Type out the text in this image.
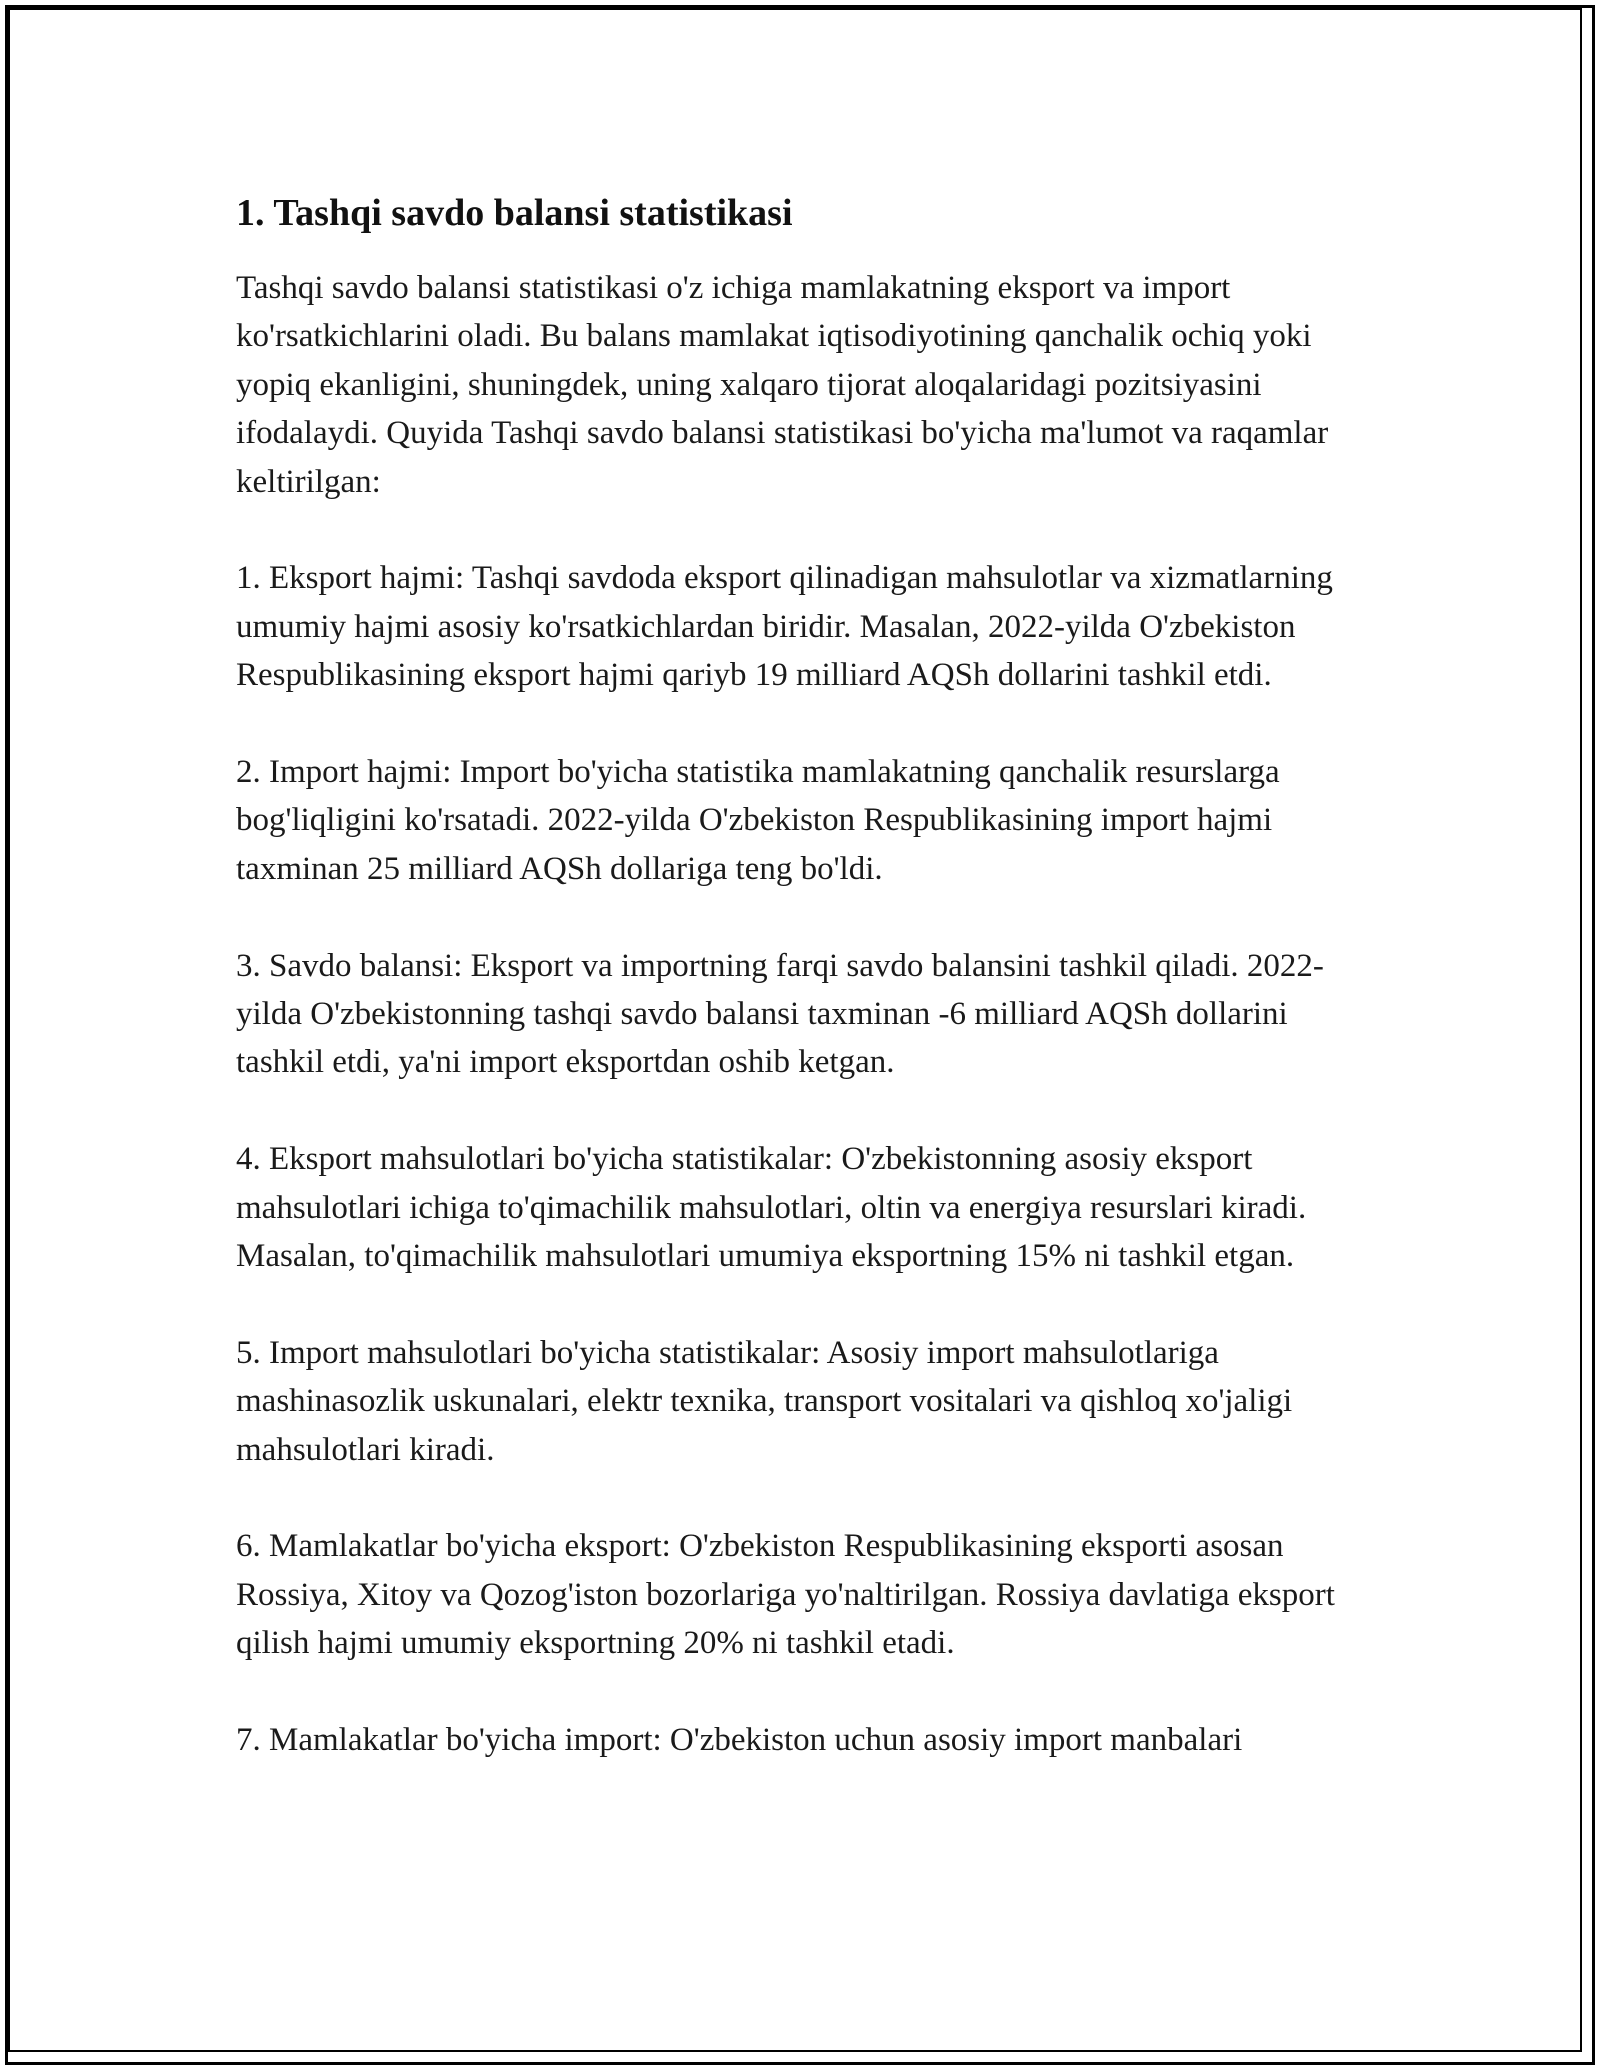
1. Tashqi savdo balansi statistikasi

Tashqi savdo balansi statistikasi o'z ichiga mamlakatning eksport va import ko'rsatkichlarini oladi. Bu balans mamlakat iqtisodiyotining qanchalik ochiq yoki yopiq ekanligini, shuningdek, uning xalqaro tijorat aloqalaridagi pozitsiyasini ifodalaydi. Quyida Tashqi savdo balansi statistikasi bo'yicha ma'lumot va raqamlar keltirilgan:

1. Eksport hajmi: Tashqi savdoda eksport qilinadigan mahsulotlar va xizmatlarning umumiy hajmi asosiy ko'rsatkichlardan biridir. Masalan, 2022-yilda O'zbekiston Respublikasining eksport hajmi qariyb 19 milliard AQSh dollarini tashkil etdi.

2. Import hajmi: Import bo'yicha statistika mamlakatning qanchalik resurslarga bog'liqligini ko'rsatadi. 2022-yilda O'zbekiston Respublikasining import hajmi taxminan 25 milliard AQSh dollariga teng bo'ldi.

3. Savdo balansi: Eksport va importning farqi savdo balansini tashkil qiladi. 2022-yilda O'zbekistonning tashqi savdo balansi taxminan -6 milliard AQSh dollarini tashkil etdi, ya'ni import eksportdan oshib ketgan.

4. Eksport mahsulotlari bo'yicha statistikalar: O'zbekistonning asosiy eksport mahsulotlari ichiga to'qimachilik mahsulotlari, oltin va energiya resurslari kiradi. Masalan, to'qimachilik mahsulotlari umumiya eksportning 15% ni tashkil etgan.

5. Import mahsulotlari bo'yicha statistikalar: Asosiy import mahsulotlariga mashinasozlik uskunalari, elektr texnika, transport vositalari va qishloq xo'jaligi mahsulotlari kiradi.

6. Mamlakatlar bo'yicha eksport: O'zbekiston Respublikasining eksporti asosan Rossiya, Xitoy va Qozog'iston bozorlariga yo'naltirilgan. Rossiya davlatiga eksport qilish hajmi umumiy eksportning 20% ni tashkil etadi.

7. Mamlakatlar bo'yicha import: O'zbekiston uchun asosiy import manbalari
